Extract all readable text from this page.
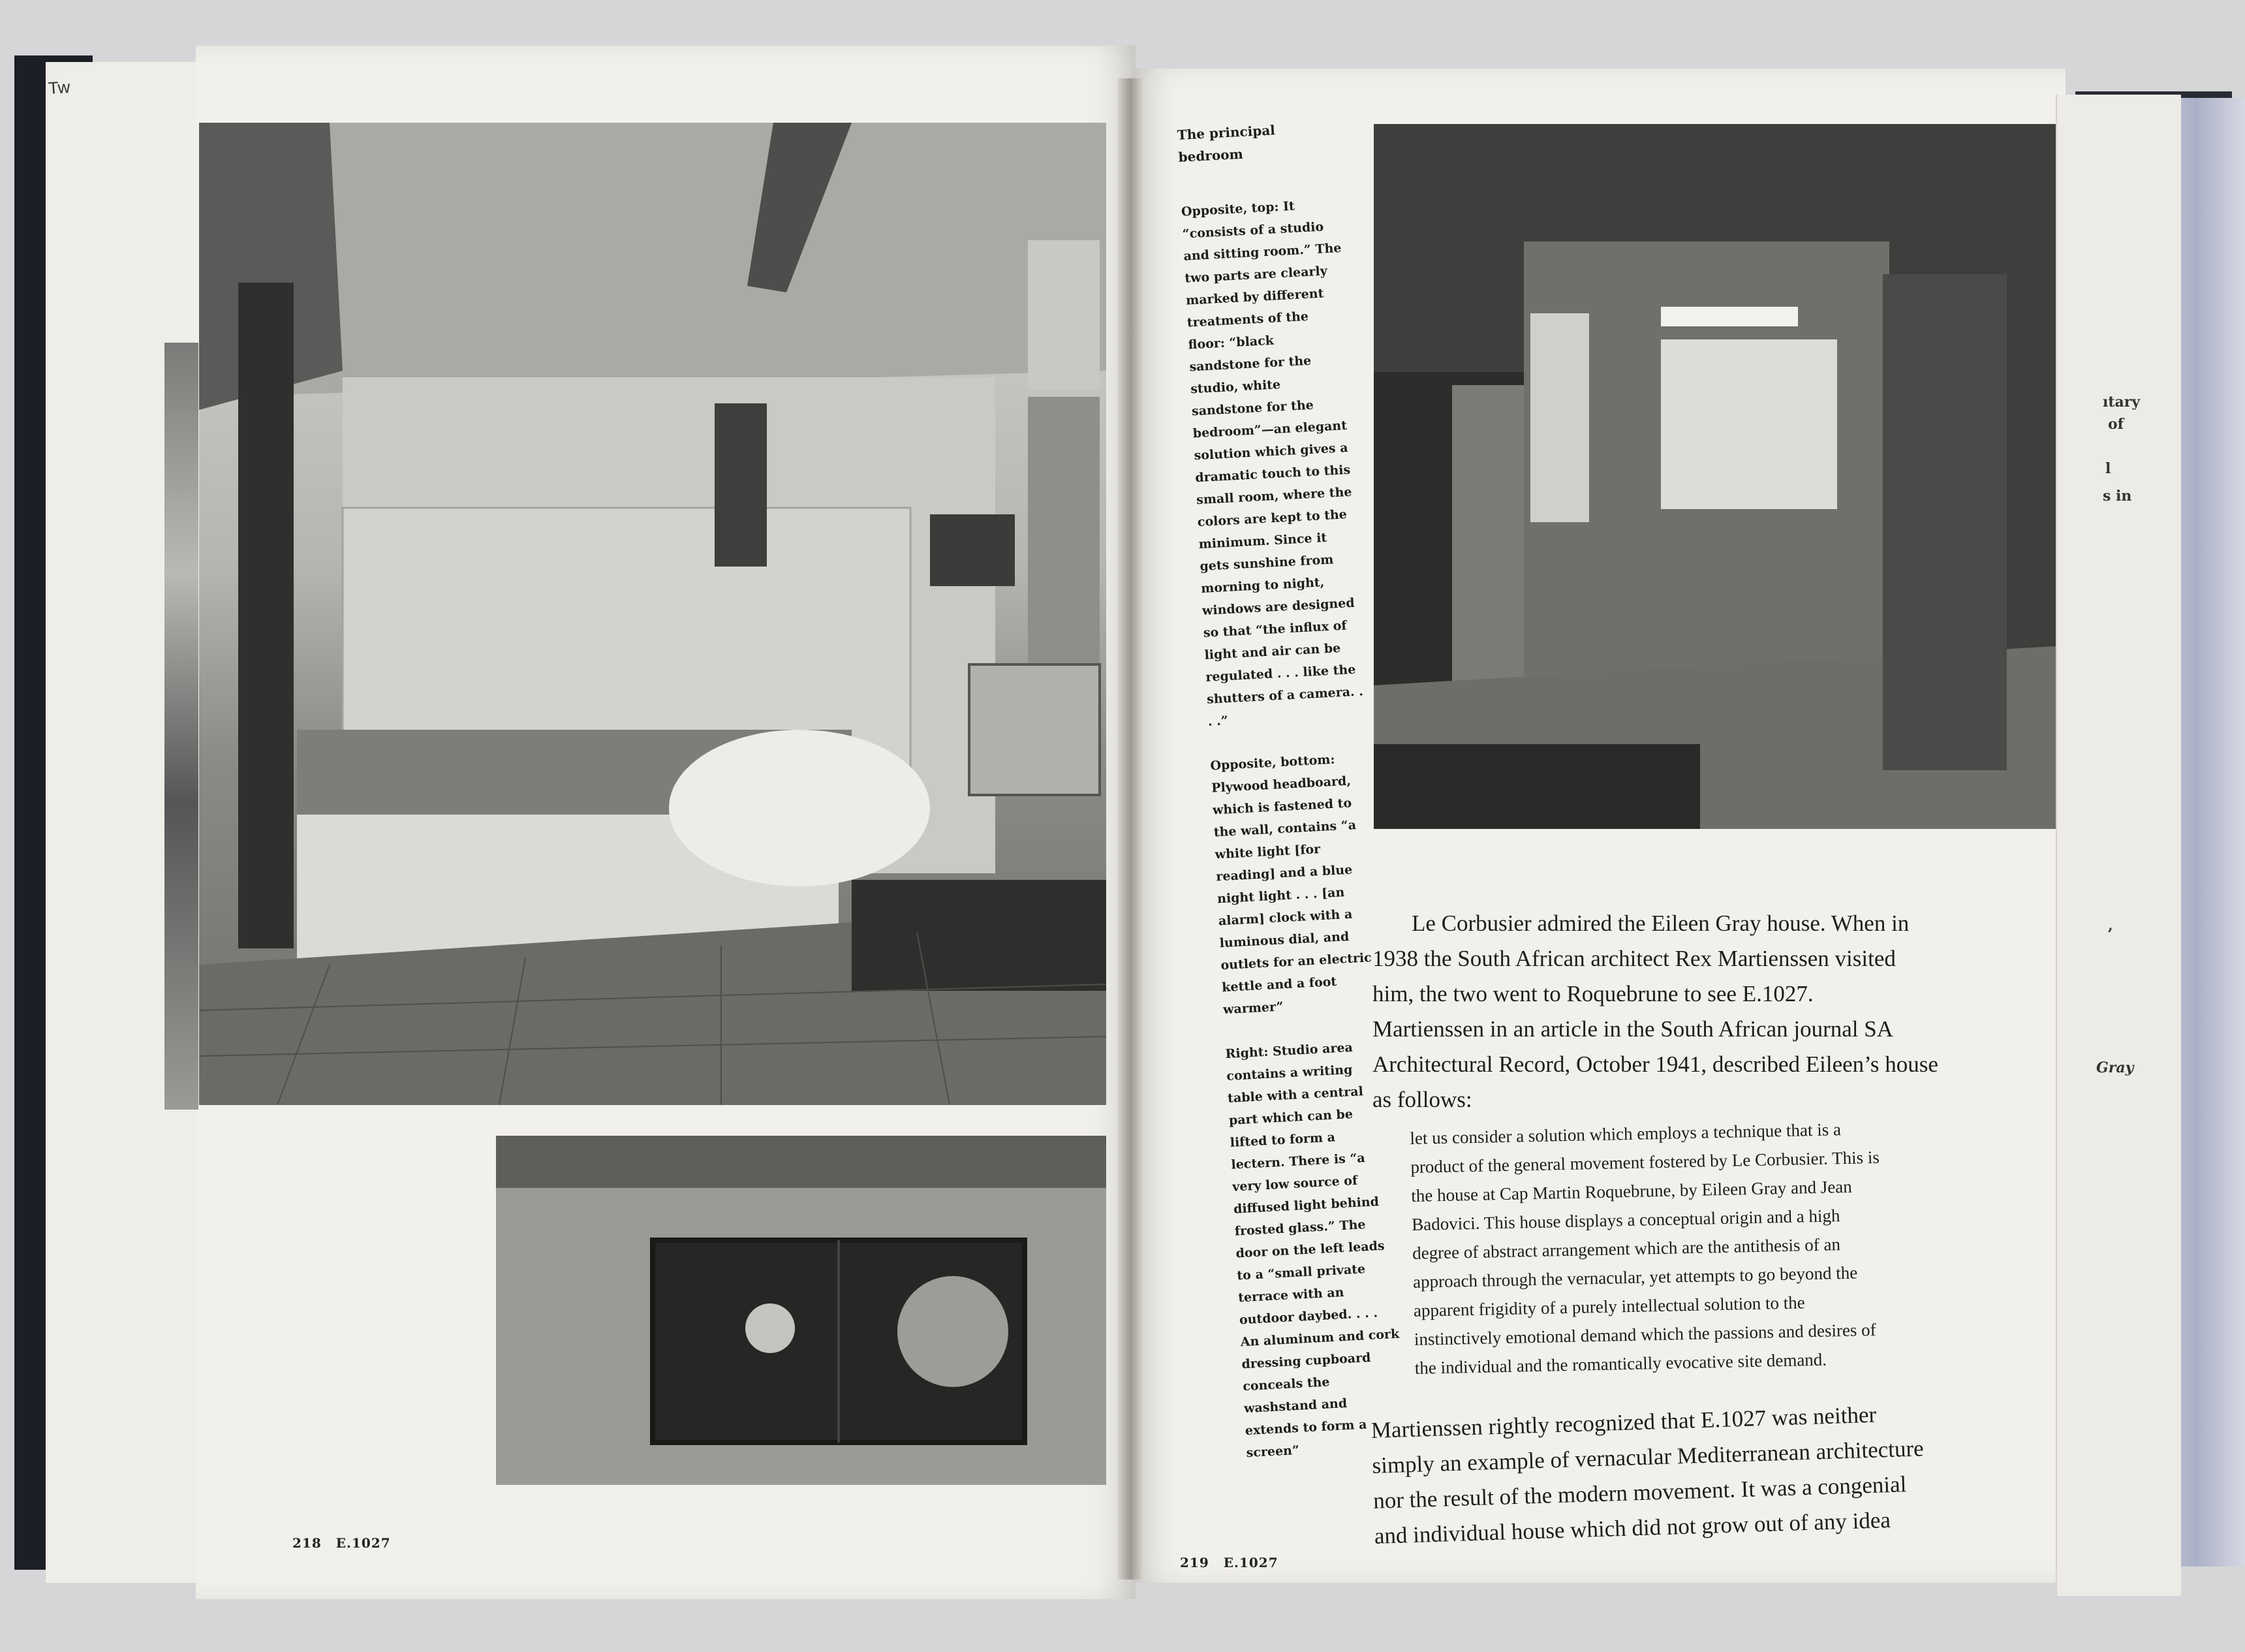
Tw
218 E.1027

The principal bedroom

Opposite, top: It “consists of a studio and sitting room.” The two parts are clearly marked by different treatments of the floor: “black sandstone for the studio, white sandstone for the bedroom”—an elegant solution which gives a dramatic touch to this small room, where the colors are kept to the minimum. Since it gets sunshine from morning to night, windows are designed so that “the influx of light and air can be regulated . . . like the shutters of a camera. . . .”

Opposite, bottom: Plywood headboard, which is fastened to the wall, contains “a white light [for reading] and a blue night light . . . [an alarm] clock with a luminous dial, and outlets for an electric kettle and a foot warmer”

Right: Studio area contains a writing table with a central part which can be lifted to form a lectern. There is “a very low source of diffused light behind frosted glass.” The door on the left leads to a “small private terrace with an outdoor daybed. . . . An aluminum and cork dressing cupboard conceals the washstand and extends to form a screen”

Le Corbusier admired the Eileen Gray house. When in
1938 the South African architect Rex Martienssen visited
him, the two went to Roquebrune to see E.1027.
Martienssen in an article in the South African journal SA
Architectural Record, October 1941, described Eileen’s house
as follows:
let us consider a solution which employs a technique that is a
product of the general movement fostered by Le Corbusier. This is
the house at Cap Martin Roquebrune, by Eileen Gray and Jean
Badovici. This house displays a conceptual origin and a high
degree of abstract arrangement which are the antithesis of an
approach through the vernacular, yet attempts to go beyond the
apparent frigidity of a purely intellectual solution to the
instinctively emotional demand which the passions and desires of
the individual and the romantically evocative site demand.
Martienssen rightly recognized that E.1027 was neither
simply an example of vernacular Mediterranean architecture
nor the result of the modern movement. It was a congenial
and individual house which did not grow out of any idea
219 E.1027
ıtary
of
l
s in
,
Gray
